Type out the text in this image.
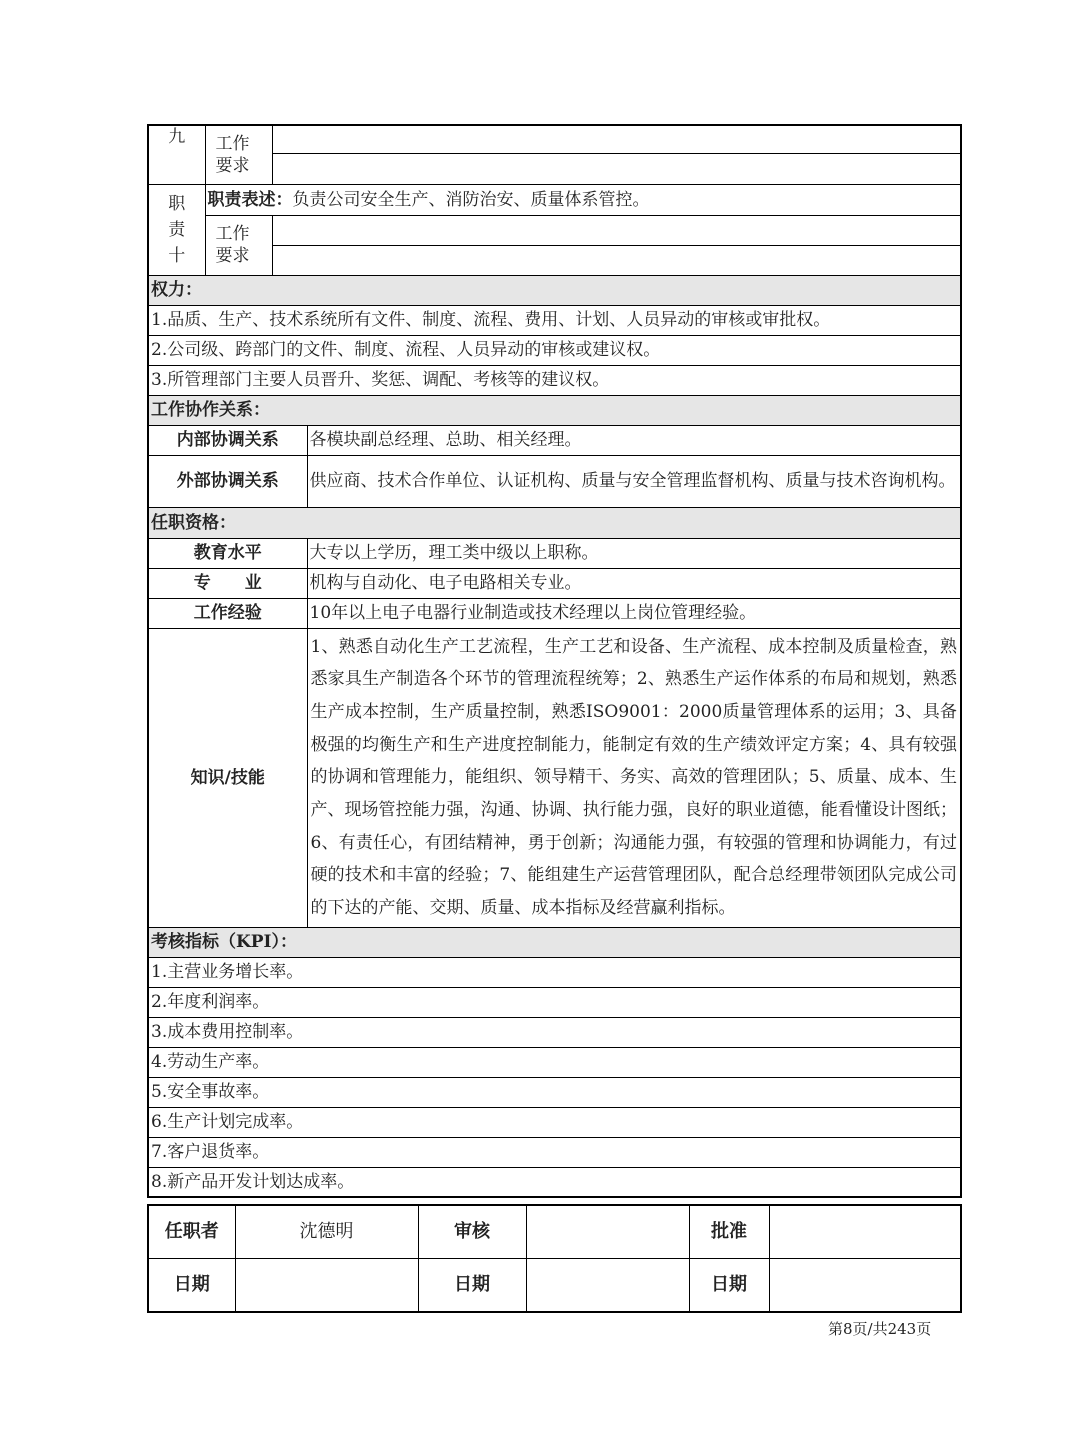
九	工作
要求		

职
责
十	职责表述：负责公司安全生产、消防治安、质量体系管控。		
	工作
要求		

权力：			
1.品质、生产、技术系统所有文件、制度、流程、费用、计划、人员异动的审核或审批权。			
2.公司级、跨部门的文件、制度、流程、人员异动的审核或建议权。			
3.所管理部门主要人员晋升、奖惩、调配、考核等的建议权。			
工作协作关系：			
内部协调关系			各模块副总经理、总助、相关经理。
外部协调关系			供应商、技术合作单位、认证机构、质量与安全管理监督机构、质量与技术咨询机构。
任职资格：			
教育水平			大专以上学历，理工类中级以上职称。
专　　业			机构与自动化、电子电路相关专业。
工作经验			10年以上电子电器行业制造或技术经理以上岗位管理经验。
知识/技能			1、熟悉自动化生产工艺流程，生产工艺和设备、生产流程、成本控制及质量检查，熟悉家具生产制造各个环节的管理流程统筹；2、熟悉生产运作体系的布局和规划，熟悉生产成本控制，生产质量控制，熟悉ISO9001：2000质量管理体系的运用；3、具备极强的均衡生产和生产进度控制能力，能制定有效的生产绩效评定方案；4、具有较强的协调和管理能力，能组织、领导精干、务实、高效的管理团队；5、质量、成本、生产、现场管控能力强，沟通、协调、执行能力强，良好的职业道德，能看懂设计图纸；6、有责任心，有团结精神，勇于创新；沟通能力强，有较强的管理和协调能力，有过硬的技术和丰富的经验；7、能组建生产运营管理团队，配合总经理带领团队完成公司的下达的产能、交期、质量、成本指标及经营赢利指标。
考核指标（KPI）：			
1.主营业务增长率。			
2.年度利润率。			
3.成本费用控制率。			
4.劳动生产率。			
5.安全事故率。			
6.生产计划完成率。			
7.客户退货率。			
8.新产品开发计划达成率。			
任职者	沈德明	审核		批准	
日期		日期		日期	
第8页/共243页
